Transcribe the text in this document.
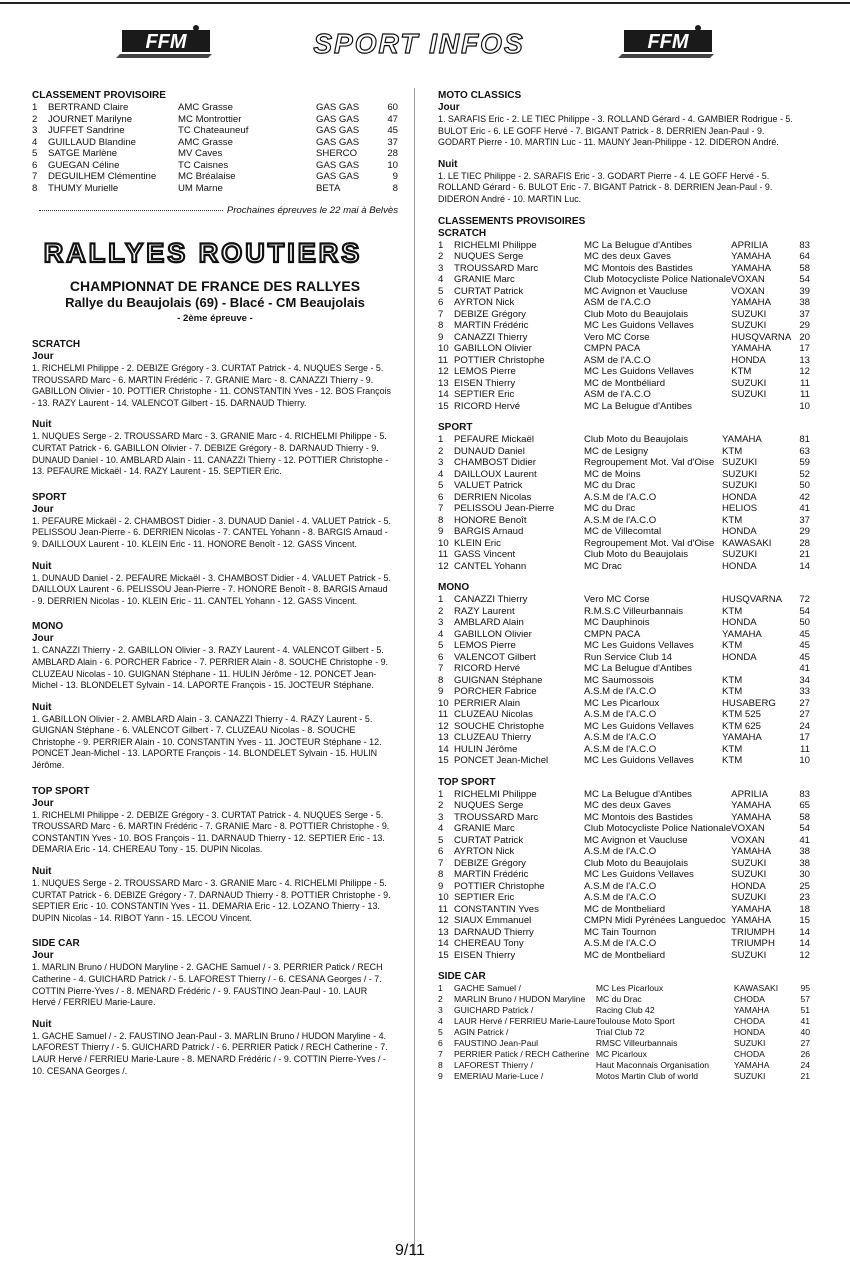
FFM	SPORT INFOS	FFM

CLASSEMENT PROVISOIRE

1	BERTRAND Claire	AMC Grasse	GAS GAS	60
2	JOURNET Marilyne	MC Montrottier	GAS GAS	47
3	JUFFET Sandrine	TC Chateauneuf	GAS GAS	45
4	GUILLAUD Blandine	AMC Grasse	GAS GAS	37
5	SATGE Marlène	MV Caves	SHERCO	28
6	GUEGAN Céline	TC Caisnes	GAS GAS	10
7	DEGUILHEM Clémentine	MC Bréalaise	GAS GAS	9
8	THUMY Murielle	UM Marne	BETA	8
Prochaines épreuves le 22 mai à Belvès
RALLYES ROUTIERS

CHAMPIONNAT DE FRANCE DES RALLYES

Rallye du Beaujolais (69) - Blacé - CM Beaujolais

- 2ème épreuve -

SCRATCH

Jour

1. RICHELMI Philippe - 2. DEBIZE Grégory - 3. CURTAT Patrick - 4. NUQUES Serge - 5. TROUSSARD Marc - 6. MARTIN Frédéric - 7. GRANIE Marc - 8. CANAZZI Thierry - 9. GABILLON Olivier - 10. POTTIER Christophe - 11. CONSTANTIN Yves - 12. BOS François - 13. RAZY Laurent - 14. VALENCOT Gilbert - 15. DARNAUD Thierry.

Nuit

1. NUQUES Serge - 2. TROUSSARD Marc - 3. GRANIE Marc - 4. RICHELMI Philippe - 5. CURTAT Patrick - 6. GABILLON Olivier - 7. DEBIZE Grégory - 8. DARNAUD Thierry - 9. DUNAUD Daniel - 10. AMBLARD Alain - 11. CANAZZI Thierry - 12. POTTIER Christophe - 13. PEFAURE Mickaël - 14. RAZY Laurent - 15. SEPTIER Eric.

SPORT

Jour

1. PEFAURE Mickaël - 2. CHAMBOST Didier - 3. DUNAUD Daniel - 4. VALUET Patrick - 5. PELISSOU Jean-Pierre - 6. DERRIEN Nicolas - 7. CANTEL Yohann - 8. BARGIS Arnaud - 9. DAILLOUX Laurent - 10. KLEIN Eric - 11. HONORE Benoît - 12. GASS Vincent.

Nuit

1. DUNAUD Daniel - 2. PEFAURE Mickaël - 3. CHAMBOST Didier - 4. VALUET Patrick - 5. DAILLOUX Laurent - 6. PELISSOU Jean-Pierre - 7. HONORE Benoît - 8. BARGIS Arnaud - 9. DERRIEN Nicolas - 10. KLEIN Eric - 11. CANTEL Yohann - 12. GASS Vincent.

MONO

Jour

1. CANAZZI Thierry - 2. GABILLON Olivier - 3. RAZY Laurent - 4. VALENCOT Gilbert - 5. AMBLARD Alain - 6. PORCHER Fabrice - 7. PERRIER Alain - 8. SOUCHE Christophe - 9. CLUZEAU Nicolas - 10. GUIGNAN Stéphane - 11. HULIN Jérôme - 12. PONCET Jean-Michel - 13. BLONDELET Sylvain - 14. LAPORTE François - 15. JOCTEUR Stéphane.

Nuit

1. GABILLON Olivier - 2. AMBLARD Alain - 3. CANAZZI Thierry - 4. RAZY Laurent - 5. GUIGNAN Stéphane - 6. VALENCOT Gilbert - 7. CLUZEAU Nicolas - 8. SOUCHE Christophe - 9. PERRIER Alain - 10. CONSTANTIN Yves - 11. JOCTEUR Stéphane - 12. PONCET Jean-Michel - 13. LAPORTE François - 14. BLONDELET Sylvain - 15. HULIN Jérôme.

TOP SPORT

Jour

1. RICHELMI Philippe - 2. DEBIZE Grégory - 3. CURTAT Patrick - 4. NUQUES Serge - 5. TROUSSARD Marc - 6. MARTIN Frédéric - 7. GRANIE Marc - 8. POTTIER Christophe - 9. CONSTANTIN Yves - 10. BOS François - 11. DARNAUD Thierry - 12. SEPTIER Eric - 13. DEMARIA Eric - 14. CHEREAU Tony - 15. DUPIN Nicolas.

Nuit

1. NUQUES Serge - 2. TROUSSARD Marc - 3. GRANIE Marc - 4. RICHELMI Philippe - 5. CURTAT Patrick - 6. DEBIZE Grégory - 7. DARNAUD Thierry - 8. POTTIER Christophe - 9. SEPTIER Eric - 10. CONSTANTIN Yves - 11. DEMARIA Eric - 12. LOZANO Thierry - 13. DUPIN Nicolas - 14. RIBOT Yann - 15. LECOU Vincent.

SIDE CAR

Jour

1. MARLIN Bruno / HUDON Maryline - 2. GACHE Samuel / - 3. PERRIER Patick / RECH Catherine - 4. GUICHARD Patrick / - 5. LAFOREST Thierry / - 6. CESANA Georges / - 7. COTTIN Pierre-Yves / - 8. MENARD Frédéric / - 9. FAUSTINO Jean-Paul - 10. LAUR Hervé / FERRIEU Marie-Laure.

Nuit

1. GACHE Samuel / - 2. FAUSTINO Jean-Paul - 3. MARLIN Bruno / HUDON Maryline - 4. LAFOREST Thierry / - 5. GUICHARD Patrick / - 6. PERRIER Patick / RECH Catherine - 7. LAUR Hervé / FERRIEU Marie-Laure - 8. MENARD Frédéric / - 9. COTTIN Pierre-Yves / - 10. CESANA Georges /.

MOTO CLASSICS

Jour

1. SARAFIS Eric - 2. LE TIEC Philippe - 3. ROLLAND Gérard - 4. GAMBIER Rodrigue - 5. BULOT Eric - 6. LE GOFF Hervé - 7. BIGANT Patrick - 8. DERRIEN Jean-Paul - 9. GODART Pierre - 10. MARTIN Luc - 11. MAUNY Jean-Philippe - 12. DIDERON André.

Nuit

1. LE TIEC Philippe - 2. SARAFIS Eric - 3. GODART Pierre - 4. LE GOFF Hervé - 5. ROLLAND Gérard - 6. BULOT Eric - 7. BIGANT Patrick - 8. DERRIEN Jean-Paul - 9. DIDERON André - 10. MARTIN Luc.

CLASSEMENTS PROVISOIRES

SCRATCH

1	RICHELMI Philippe	MC La Belugue d'Antibes	APRILIA	83
2	NUQUES Serge	MC des deux Gaves	YAMAHA	64
3	TROUSSARD Marc	MC Montois des Bastides	YAMAHA	58
4	GRANIE Marc	Club Motocycliste Police Nationale	VOXAN	54
5	CURTAT Patrick	MC Avignon et Vaucluse	VOXAN	39
6	AYRTON Nick	ASM de l'A.C.O	YAMAHA	38
7	DEBIZE Grégory	Club Moto du Beaujolais	SUZUKI	37
8	MARTIN Frédéric	MC Les Guidons Vellaves	SUZUKI	29
9	CANAZZI Thierry	Vero MC Corse	HUSQVARNA	20
10	GABILLON Olivier	CMPN PACA	YAMAHA	17
11	POTTIER Christophe	ASM de l'A.C.O	HONDA	13
12	LEMOS Pierre	MC Les Guidons Vellaves	KTM	12
13	EISEN Thierry	MC de Montbéliard	SUZUKI	11
14	SEPTIER Eric	ASM de l'A.C.O	SUZUKI	11
15	RICORD Hervé	MC La Belugue d'Antibes		10

SPORT

1	PEFAURE Mickaël	Club Moto du Beaujolais	YAMAHA	81
2	DUNAUD Daniel	MC de Lesigny	KTM	63
3	CHAMBOST Didier	Regroupement Mot. Val d'Oise	SUZUKI	59
4	DAILLOUX Laurent	MC de Moins	SUZUKI	52
5	VALUET Patrick	MC du Drac	SUZUKI	50
6	DERRIEN Nicolas	A.S.M de l'A.C.O	HONDA	42
7	PELISSOU Jean-Pierre	MC du Drac	HELIOS	41
8	HONORE Benoît	A.S.M de l'A.C.O	KTM	37
9	BARGIS Arnaud	MC de Villecomtal	HONDA	29
10	KLEIN Eric	Regroupement Mot. Val d'Oise	KAWASAKI	28
11	GASS Vincent	Club Moto du Beaujolais	SUZUKI	21
12	CANTEL Yohann	MC Drac	HONDA	14

MONO

1	CANAZZI Thierry	Vero MC Corse	HUSQVARNA	72
2	RAZY Laurent	R.M.S.C Villeurbannais	KTM	54
3	AMBLARD Alain	MC Dauphinois	HONDA	50
4	GABILLON Olivier	CMPN PACA	YAMAHA	45
5	LEMOS Pierre	MC Les Guidons Vellaves	KTM	45
6	VALENCOT Gilbert	Run Service Club 14	HONDA	45
7	RICORD Hervé	MC La Belugue d'Antibes		41
8	GUIGNAN Stéphane	MC Saumossois	KTM	34
9	PORCHER Fabrice	A.S.M de l'A.C.O	KTM	33
10	PERRIER Alain	MC Les Picarloux	HUSABERG	27
11	CLUZEAU Nicolas	A.S.M de l'A.C.O	KTM 525	27
12	SOUCHE Christophe	MC Les Guidons Vellaves	KTM 625	24
13	CLUZEAU Thierry	A.S.M de l'A.C.O	YAMAHA	17
14	HULIN Jérôme	A.S.M de l'A.C.O	KTM	11
15	PONCET Jean-Michel	MC Les Guidons Vellaves	KTM	10

TOP SPORT

1	RICHELMI Philippe	MC La Belugue d'Antibes	APRILIA	83
2	NUQUES Serge	MC des deux Gaves	YAMAHA	65
3	TROUSSARD Marc	MC Montois des Bastides	YAMAHA	58
4	GRANIE Marc	Club Motocycliste Police Nationale	VOXAN	54
5	CURTAT Patrick	MC Avignon et Vaucluse	VOXAN	41
6	AYRTON Nick	A.S.M de l'A.C.O	YAMAHA	38
7	DEBIZE Grégory	Club Moto du Beaujolais	SUZUKI	38
8	MARTIN Frédéric	MC Les Guidons Vellaves	SUZUKI	30
9	POTTIER Christophe	A.S.M de l'A.C.O	HONDA	25
10	SEPTIER Eric	A.S.M de l'A.C.O	SUZUKI	23
11	CONSTANTIN Yves	MC de Montbeliard	YAMAHA	18
12	SIAUX Emmanuel	CMPN Midi Pyrénées Languedoc	YAMAHA	15
13	DARNAUD Thierry	MC Tain Tournon	TRIUMPH	14
14	CHEREAU Tony	A.S.M de l'A.C.O	TRIUMPH	14
15	EISEN Thierry	MC de Montbeliard	SUZUKI	12

SIDE CAR

1	GACHE Samuel /	MC Les Picarloux	KAWASAKI	95
2	MARLIN Bruno / HUDON Maryline	MC du Drac	CHODA	57
3	GUICHARD Patrick /	Racing Club 42	YAMAHA	51
4	LAUR Hervé / FERRIEU Marie-Laure	Toulouse Moto Sport	CHODA	41
5	AGIN Patrick /	Trial Club 72	HONDA	40
6	FAUSTINO Jean-Paul	RMSC Villeurbannais	SUZUKI	27
7	PERRIER Patick / RECH Catherine	MC Picarloux	CHODA	26
8	LAFOREST Thierry /	Haut Maconnais Organisation	YAMAHA	24
9	EMERIAU Marie-Luce /	Motos Martin Club of world	SUZUKI	21
9/11
